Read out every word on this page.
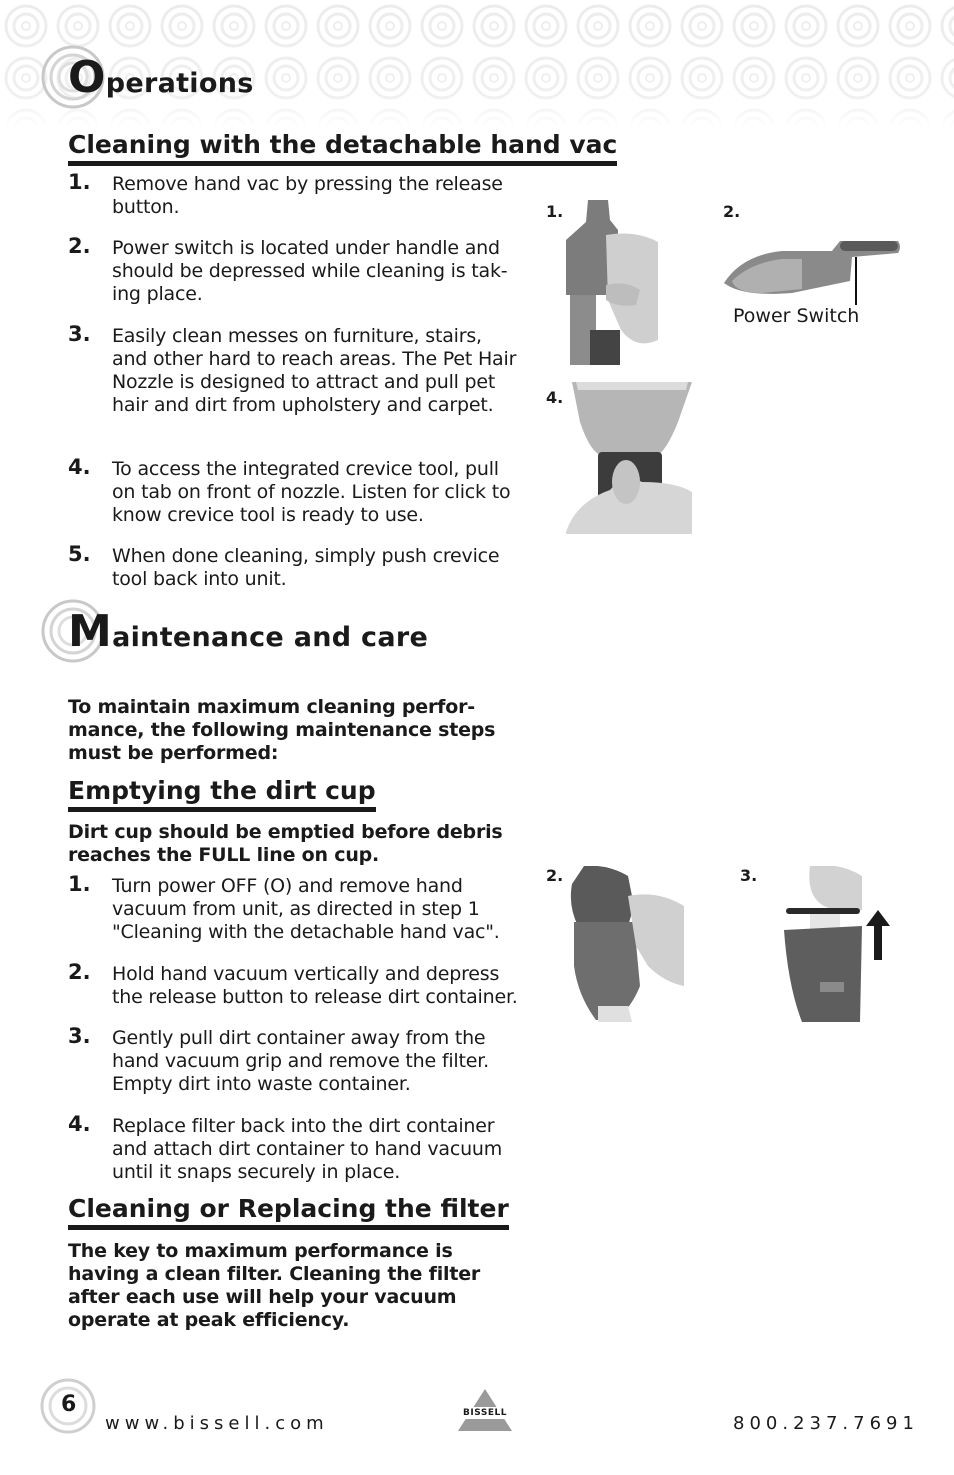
Operations
Cleaning with the detachable hand vac
1. Remove hand vac by pressing the release button.
2. Power switch is located under handle and should be depressed while cleaning is tak-ing place.
3. Easily clean messes on furniture, stairs, and other hard to reach areas. The Pet Hair Nozzle is designed to attract and pull pet hair and dirt from upholstery and carpet.
4. To access the integrated crevice tool, pull on tab on front of nozzle. Listen for click to know crevice tool is ready to use.
5. When done cleaning, simply push crevice tool back into unit.
1.	2.
Power Switch
4.
Maintenance and care
To maintain maximum cleaning perfor-mance, the following maintenance steps must be performed:
Emptying the dirt cup
Dirt cup should be emptied before debris reaches the FULL line on cup.
1. Turn power OFF (O) and remove hand vacuum from unit, as directed in step 1 "Cleaning with the detachable hand vac".
2. Hold hand vacuum vertically and depress the release button to release dirt container.
3. Gently pull dirt container away from the hand vacuum grip and remove the filter. Empty dirt into waste container.
4. Replace filter back into the dirt container and attach dirt container to hand vacuum until it snaps securely in place.
2.	3.
Cleaning or Replacing the filter
The key to maximum performance is having a clean filter. Cleaning the filter after each use will help your vacuum operate at peak efficiency.
6
www.bissell.com	BISSELL	800.237.7691
